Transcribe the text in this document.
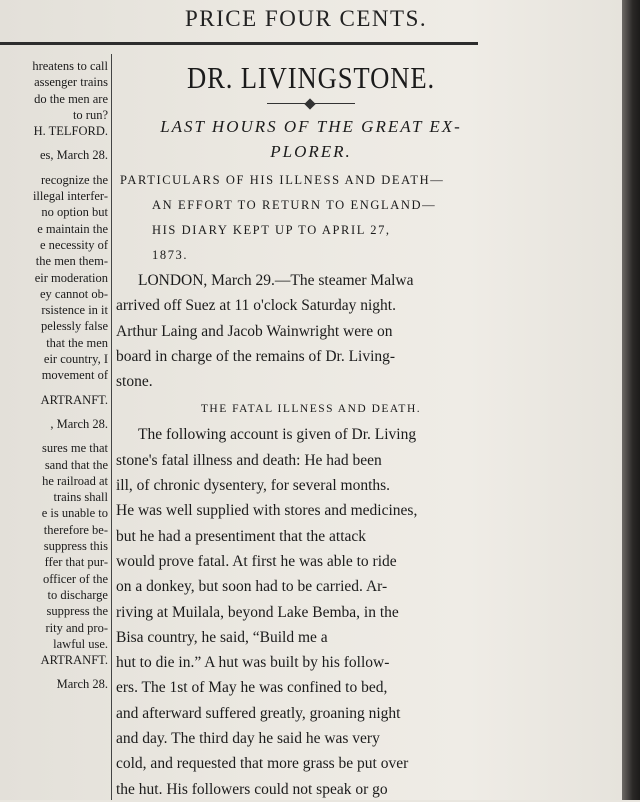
PRICE FOUR CENTS.
hreatens to call
assenger trains
do the men are
to run?
H. TELFORD.
es, March 28.
recognize the
illegal interfer-
no option but
e maintain the
e necessity of
the men them-
eir moderation
ey cannot ob-
rsistence in it
pelessly false
that the men
eir country, I
movement of
ARTRANFT.
, March 28.
sures me that
sand that the
he railroad at
trains shall
e is unable to
therefore be-
suppress this
ffer that pur-
officer of the
to discharge
suppress the
rity and pro-
lawful use.
ARTRANFT.
March 28.
DR. LIVINGSTONE.
LAST HOURS OF THE GREAT EX-
PLORER.
PARTICULARS OF HIS ILLNESS AND DEATH—
AN EFFORT TO RETURN TO ENGLAND—
HIS DIARY KEPT UP TO APRIL 27,
1873.
LONDON, March 29.—The steamer Malwa
arrived off Suez at 11 o'clock Saturday night.
Arthur Laing and Jacob Wainwright were on
board in charge of the remains of Dr. Living-
stone.
THE FATAL ILLNESS AND DEATH.
The following account is given of Dr. Living
stone's fatal illness and death: He had been
ill, of chronic dysentery, for several months.
He was well supplied with stores and medicines,
but he had a presentiment that the attack
would prove fatal. At first he was able to ride
on a donkey, but soon had to be carried. Ar-
riving at Muilala, beyond Lake Bemba, in the
Bisa country, he said, “Build me a
hut to die in.” A hut was built by his follow-
ers. The 1st of May he was confined to bed,
and afterward suffered greatly, groaning night
and day. The third day he said he was very
cold, and requested that more grass be put over
the hut. His followers could not speak or go
